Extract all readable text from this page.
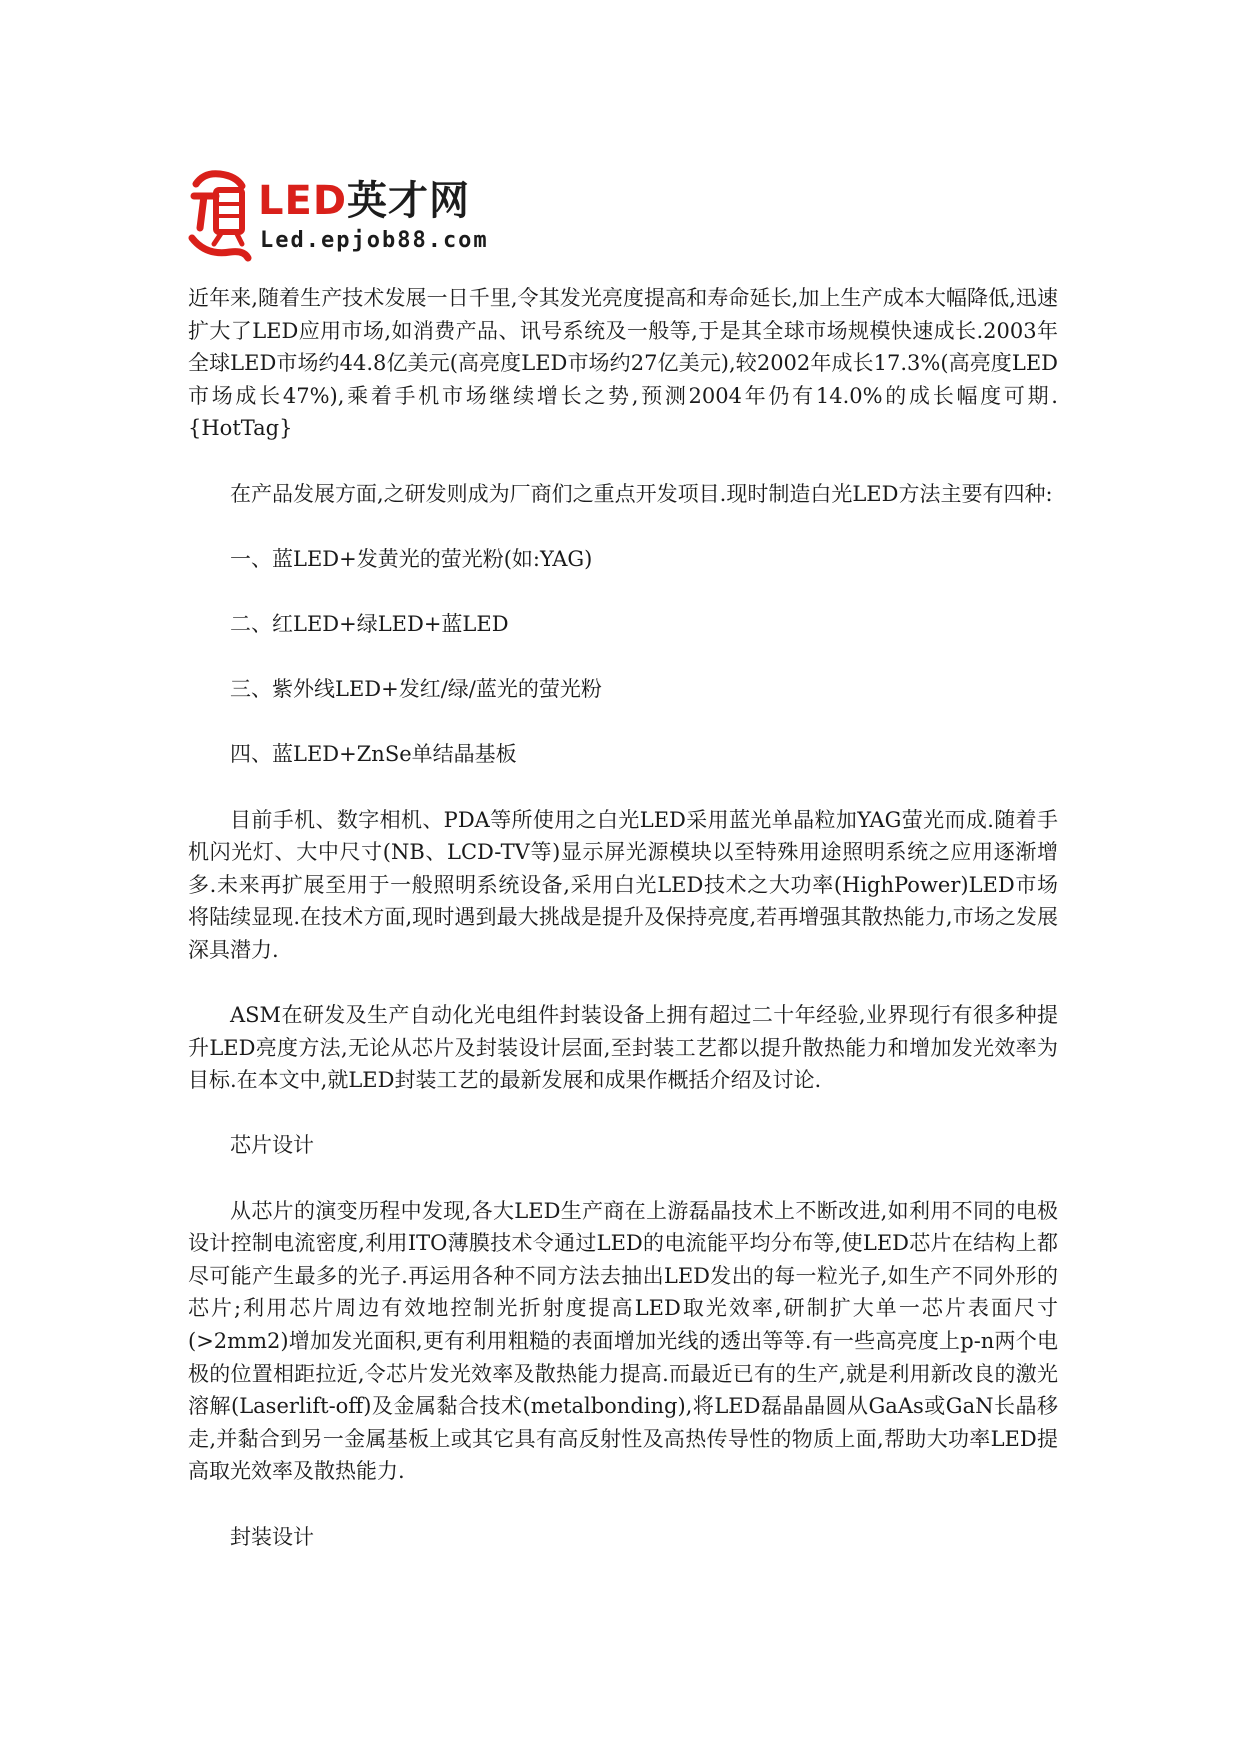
LED英才网
Led.epjob88.com

近年来,随着生产技术发展一日千里,令其发光亮度提高和寿命延长,加上生产成本大幅降低,迅速扩大了LED应用市场,如消费产品、讯号系统及一般等,于是其全球市场规模快速成长.2003年全球LED市场约44.8亿美元(高亮度LED市场约27亿美元),较2002年成长17.3%(高亮度LED市场成长47%),乘着手机市场继续增长之势,预测2004年仍有14.0%的成长幅度可期.{HotTag}

在产品发展方面,之研发则成为厂商们之重点开发项目.现时制造白光LED方法主要有四种:

一、蓝LED+发黄光的萤光粉(如:YAG)

二、红LED+绿LED+蓝LED

三、紫外线LED+发红/绿/蓝光的萤光粉

四、蓝LED+ZnSe单结晶基板

目前手机、数字相机、PDA等所使用之白光LED采用蓝光单晶粒加YAG萤光而成.随着手机闪光灯、大中尺寸(NB、LCD-TV等)显示屏光源模块以至特殊用途照明系统之应用逐渐增多.未来再扩展至用于一般照明系统设备,采用白光LED技术之大功率(HighPower)LED市场将陆续显现.在技术方面,现时遇到最大挑战是提升及保持亮度,若再增强其散热能力,市场之发展深具潜力.

ASM在研发及生产自动化光电组件封装设备上拥有超过二十年经验,业界现行有很多种提升LED亮度方法,无论从芯片及封装设计层面,至封装工艺都以提升散热能力和增加发光效率为目标.在本文中,就LED封装工艺的最新发展和成果作概括介绍及讨论.

芯片设计

从芯片的演变历程中发现,各大LED生产商在上游磊晶技术上不断改进,如利用不同的电极设计控制电流密度,利用ITO薄膜技术令通过LED的电流能平均分布等,使LED芯片在结构上都尽可能产生最多的光子.再运用各种不同方法去抽出LED发出的每一粒光子,如生产不同外形的芯片;利用芯片周边有效地控制光折射度提高LED取光效率,研制扩大单一芯片表面尺寸(>2mm2)增加发光面积,更有利用粗糙的表面增加光线的透出等等.有一些高亮度上p-n两个电极的位置相距拉近,令芯片发光效率及散热能力提高.而最近已有的生产,就是利用新改良的激光溶解(Laserlift-off)及金属黏合技术(metalbonding),将LED磊晶晶圆从GaAs或GaN长晶移走,并黏合到另一金属基板上或其它具有高反射性及高热传导性的物质上面,帮助大功率LED提高取光效率及散热能力.

封装设计
